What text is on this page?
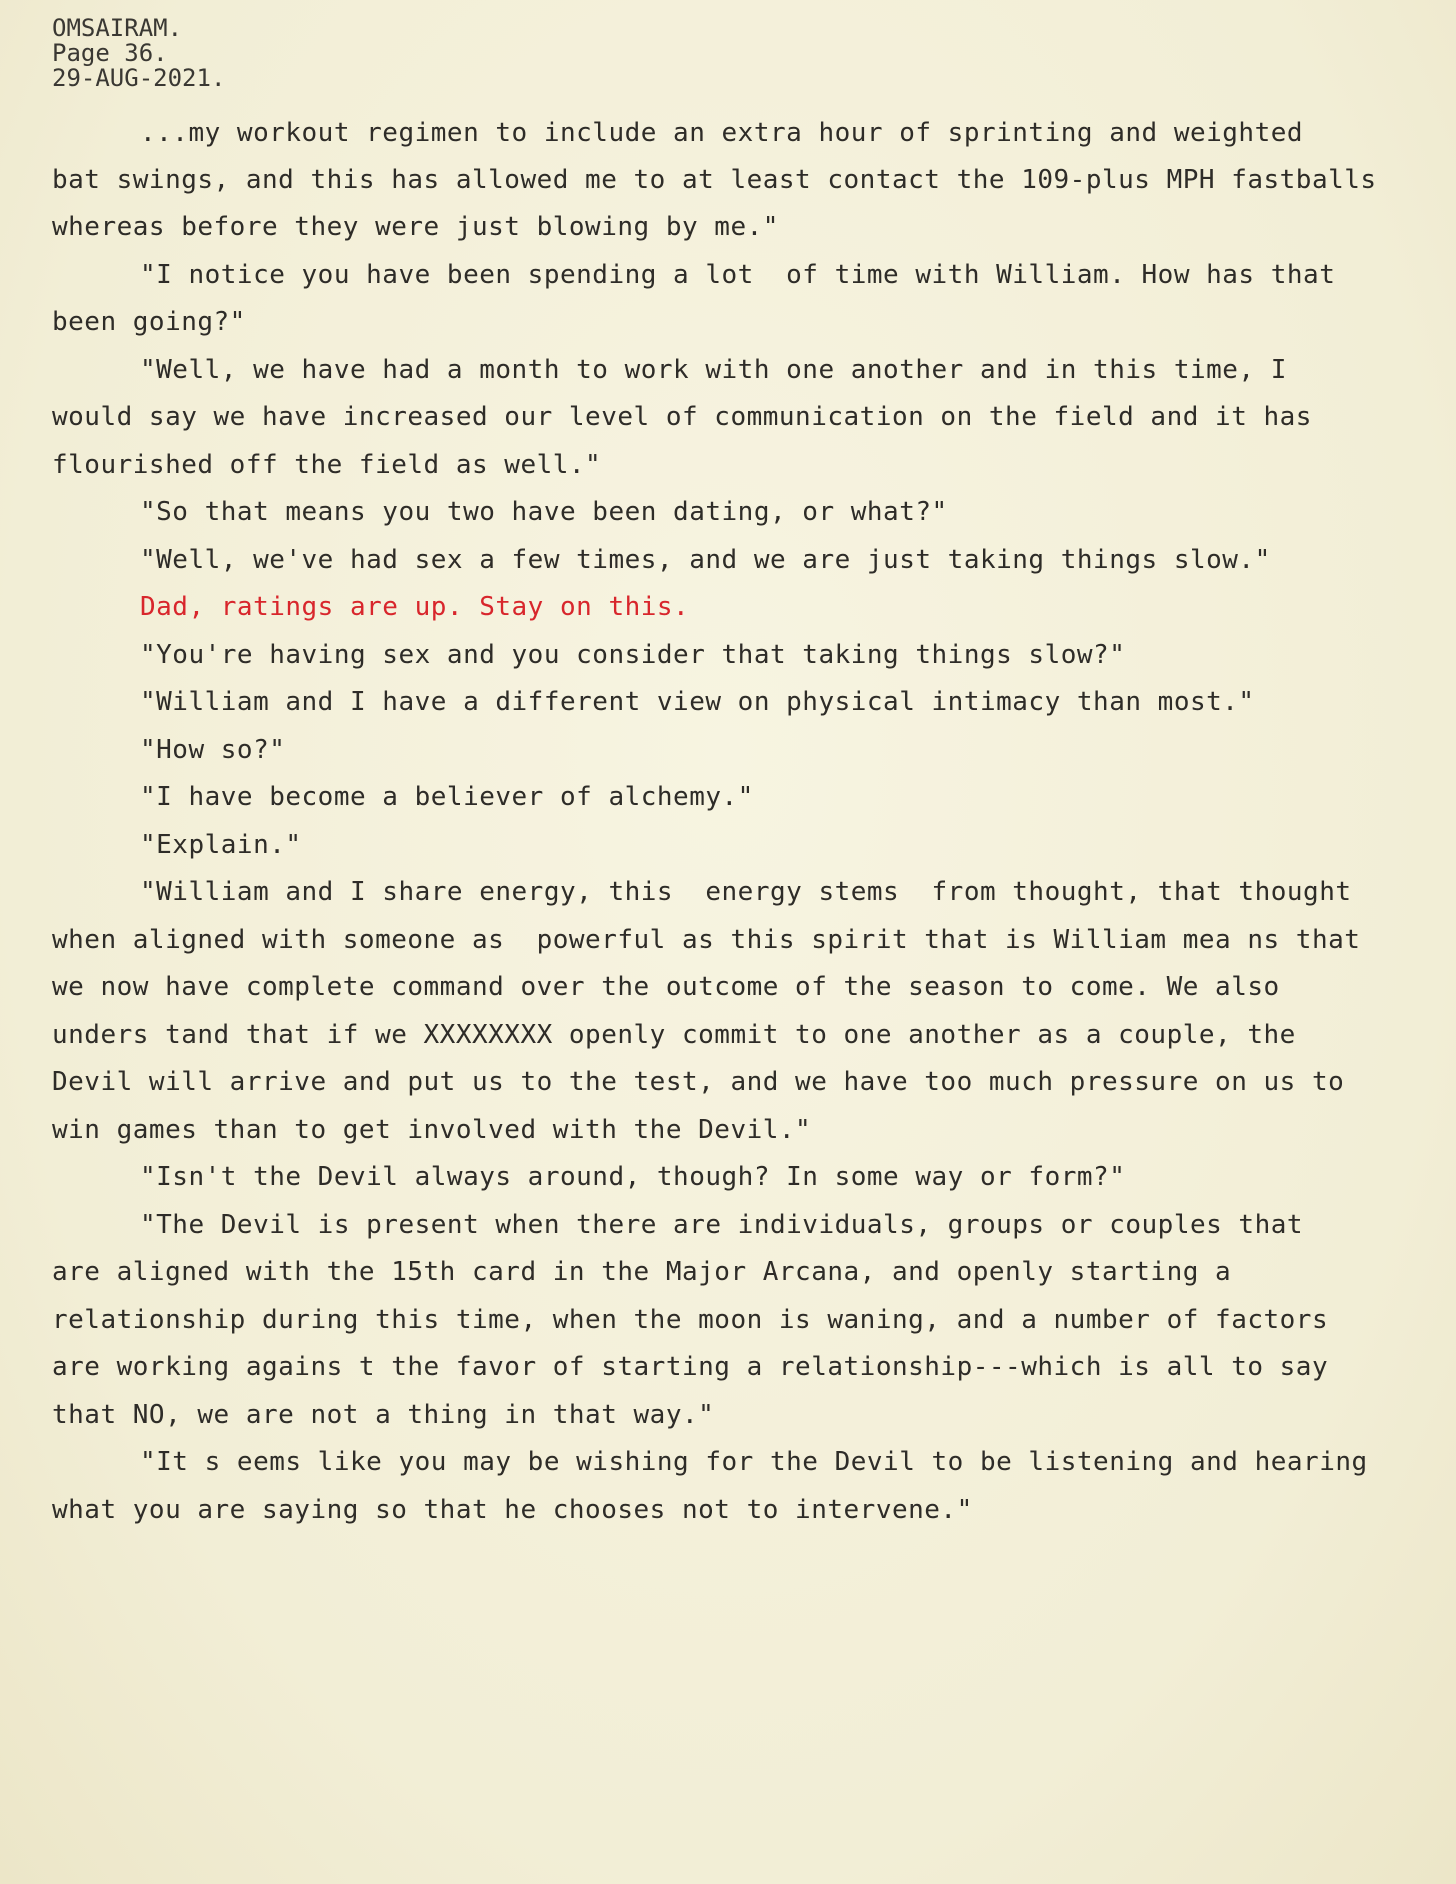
OMSAIRAM.
Page 36.
29-AUG-2021.
...my workout regimen to include an extra hour of sprinting and weighted
bat swings, and this has allowed me to at least contact the 109-plus MPH fastballs
whereas before they were just blowing by me."
"I notice you have been spending a lot  of time with William. How has that
been going?"
"Well, we have had a month to work with one another and in this time, I
would say we have increased our level of communication on the field and it has
flourished off the field as well."
"So that means you two have been dating, or what?"
"Well, we've had sex a few times, and we are just taking things slow."
Dad, ratings are up. Stay on this.
"You're having sex and you consider that taking things slow?"
"William and I have a different view on physical intimacy than most."
"How so?"
"I have become a believer of alchemy."
"Explain."
"William and I share energy, this  energy stems  from thought, that thought
when aligned with someone as  powerful as this spirit that is William mea ns that
we now have complete command over the outcome of the season to come. We also
unders tand that if we XXXXXXXX openly commit to one another as a couple, the
Devil will arrive and put us to the test, and we have too much pressure on us to
win games than to get involved with the Devil."
"Isn't the Devil always around, though? In some way or form?"
"The Devil is present when there are individuals, groups or couples that
are aligned with the 15th card in the Major Arcana, and openly starting a
relationship during this time, when the moon is waning, and a number of factors
are working agains t the favor of starting a relationship---which is all to say
that NO, we are not a thing in that way."
"It s eems like you may be wishing for the Devil to be listening and hearing
what you are saying so that he chooses not to intervene."
